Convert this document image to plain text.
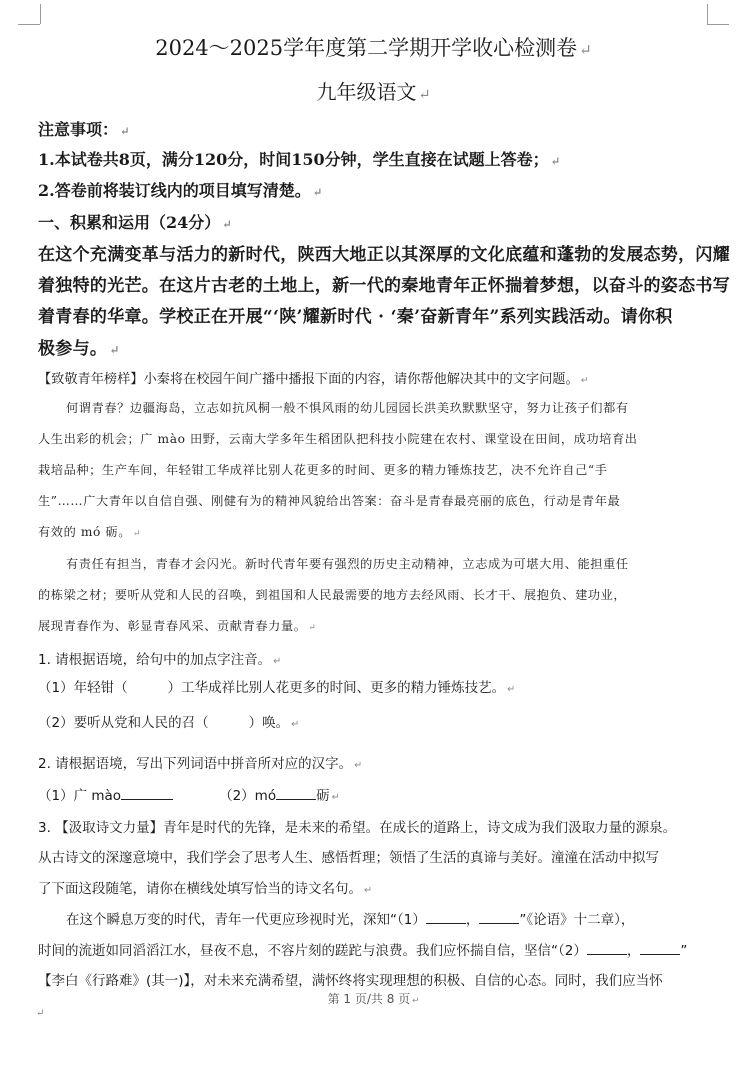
2024～2025学年度第二学期开学收心检测卷 ↵
九年级语文 ↵
注意事项： ↵
1.本试卷共8页，满分120分，时间150分钟，学生直接在试题上答卷； ↵
2.答卷前将装订线内的项目填写清楚。 ↵
一、积累和运用（24分） ↵
在这个充满变革与活力的新时代，陕西大地正以其深厚的文化底蕴和蓬勃的发展态势，闪耀
着独特的光芒。在这片古老的土地上，新一代的秦地青年正怀揣着梦想，以奋斗的姿态书写
着青春的华章。学校正在开展“‘陕’耀新时代 · ‘秦’奋新青年”系列实践活动。请你积
极参与。 ↵
【致敬青年榜样】小秦将在校园午间广播中播报下面的内容，请你帮他解决其中的文字问题。 ↵
何谓青春？边疆海岛，立志如抗风桐一般不惧风雨的幼儿园园长洪美玖默默坚守，努力让孩子们都有
人生出彩的机会；广 mào 田野，云南大学多年生稻团队把科技小院建在农村、课堂设在田间，成功培育出
栽培品种；生产车间，年轻钳工华成祥比别人花更多的时间、更多的精力锤炼技艺，决不允许自己“手
生”……广大青年以自信自强、刚健有为的精神风貌给出答案：奋斗是青春最亮丽的底色，行动是青年最
有效的 mó 砺。 ↵
有责任有担当，青春才会闪光。新时代青年要有强烈的历史主动精神，立志成为可堪大用、能担重任
的栋梁之材；要听从党和人民的召唤，到祖国和人民最需要的地方去经风雨、长才干、展抱负、建功业，
展现青春作为、彰显青春风采、贡献青春力量。 ↵
1. 请根据语境，给句中的加点字注音。 ↵
（1）年轻钳（	）工华成祥比别人花更多的时间、更多的精力锤炼技艺。 ↵
（2）要听从党和人民的召（	）唤。 ↵
2. 请根据语境，写出下列词语中拼音所对应的汉字。 ↵
（1）广 mào	（2）mó	砺 ↵
3. 【汲取诗文力量】青年是时代的先锋，是未来的希望。在成长的道路上，诗文成为我们汲取力量的源泉。
从古诗文的深邃意境中，我们学会了思考人生、感悟哲理；领悟了生活的真谛与美好。潼潼在活动中拟写
了下面这段随笔，请你在横线处填写恰当的诗文名句。 ↵
在这个瞬息万变的时代，青年一代更应珍视时光，深知“（1）	，	”《论语》十二章），
时间的流逝如同滔滔江水，昼夜不息，不容片刻的蹉跎与浪费。我们应怀揣自信，坚信“（2）	，	”
【李白《行路难》(其一)】，对未来充满希望，满怀终将实现理想的积极、自信的心态。同时，我们应当怀
第 1 页/共 8 页 ↵
↵
